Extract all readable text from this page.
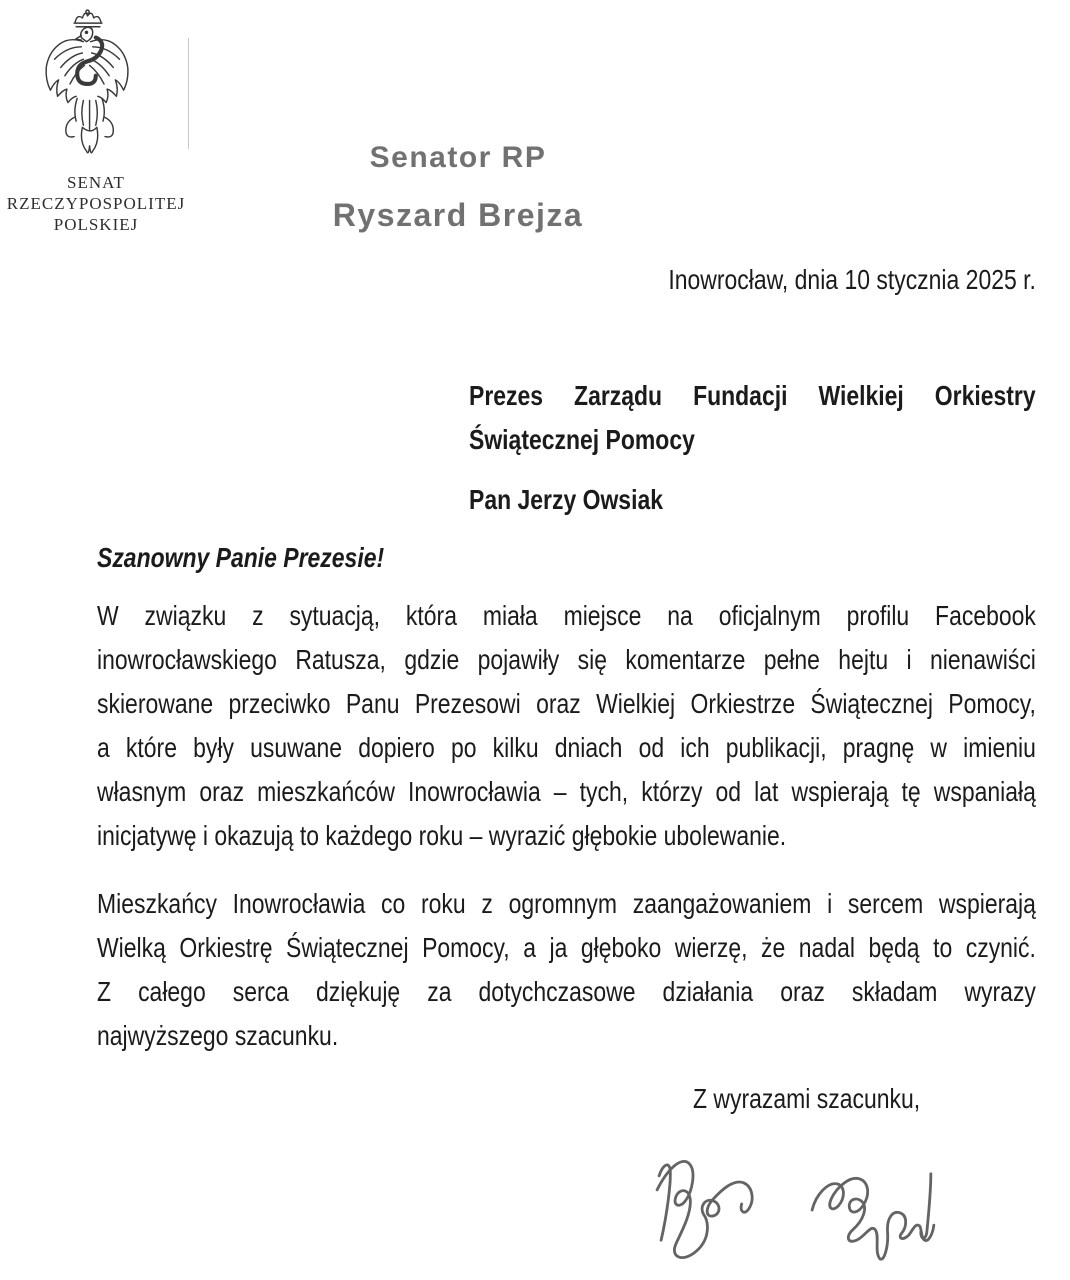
SENAT
RZECZYPOSPOLITEJ
POLSKIEJ
Senator RP
Ryszard Brejza
Inowrocław, dnia 10 stycznia 2025 r.
Prezes Zarządu Fundacji Wielkiej Orkiestry
Świątecznej Pomocy
Pan Jerzy Owsiak
Szanowny Panie Prezesie!
W związku z sytuacją, która miała miejsce na oficjalnym profilu Facebook
inowrocławskiego Ratusza, gdzie pojawiły się komentarze pełne hejtu i nienawiści
skierowane przeciwko Panu Prezesowi oraz Wielkiej Orkiestrze Świątecznej Pomocy,
a które były usuwane dopiero po kilku dniach od ich publikacji, pragnę w imieniu
własnym oraz mieszkańców Inowrocławia – tych, którzy od lat wspierają tę wspaniałą
inicjatywę i okazują to każdego roku – wyrazić głębokie ubolewanie.
Mieszkańcy Inowrocławia co roku z ogromnym zaangażowaniem i sercem wspierają
Wielką Orkiestrę Świątecznej Pomocy, a ja głęboko wierzę, że nadal będą to czynić.
Z całego serca dziękuję za dotychczasowe działania oraz składam wyrazy
najwyższego szacunku.
Z wyrazami szacunku,
